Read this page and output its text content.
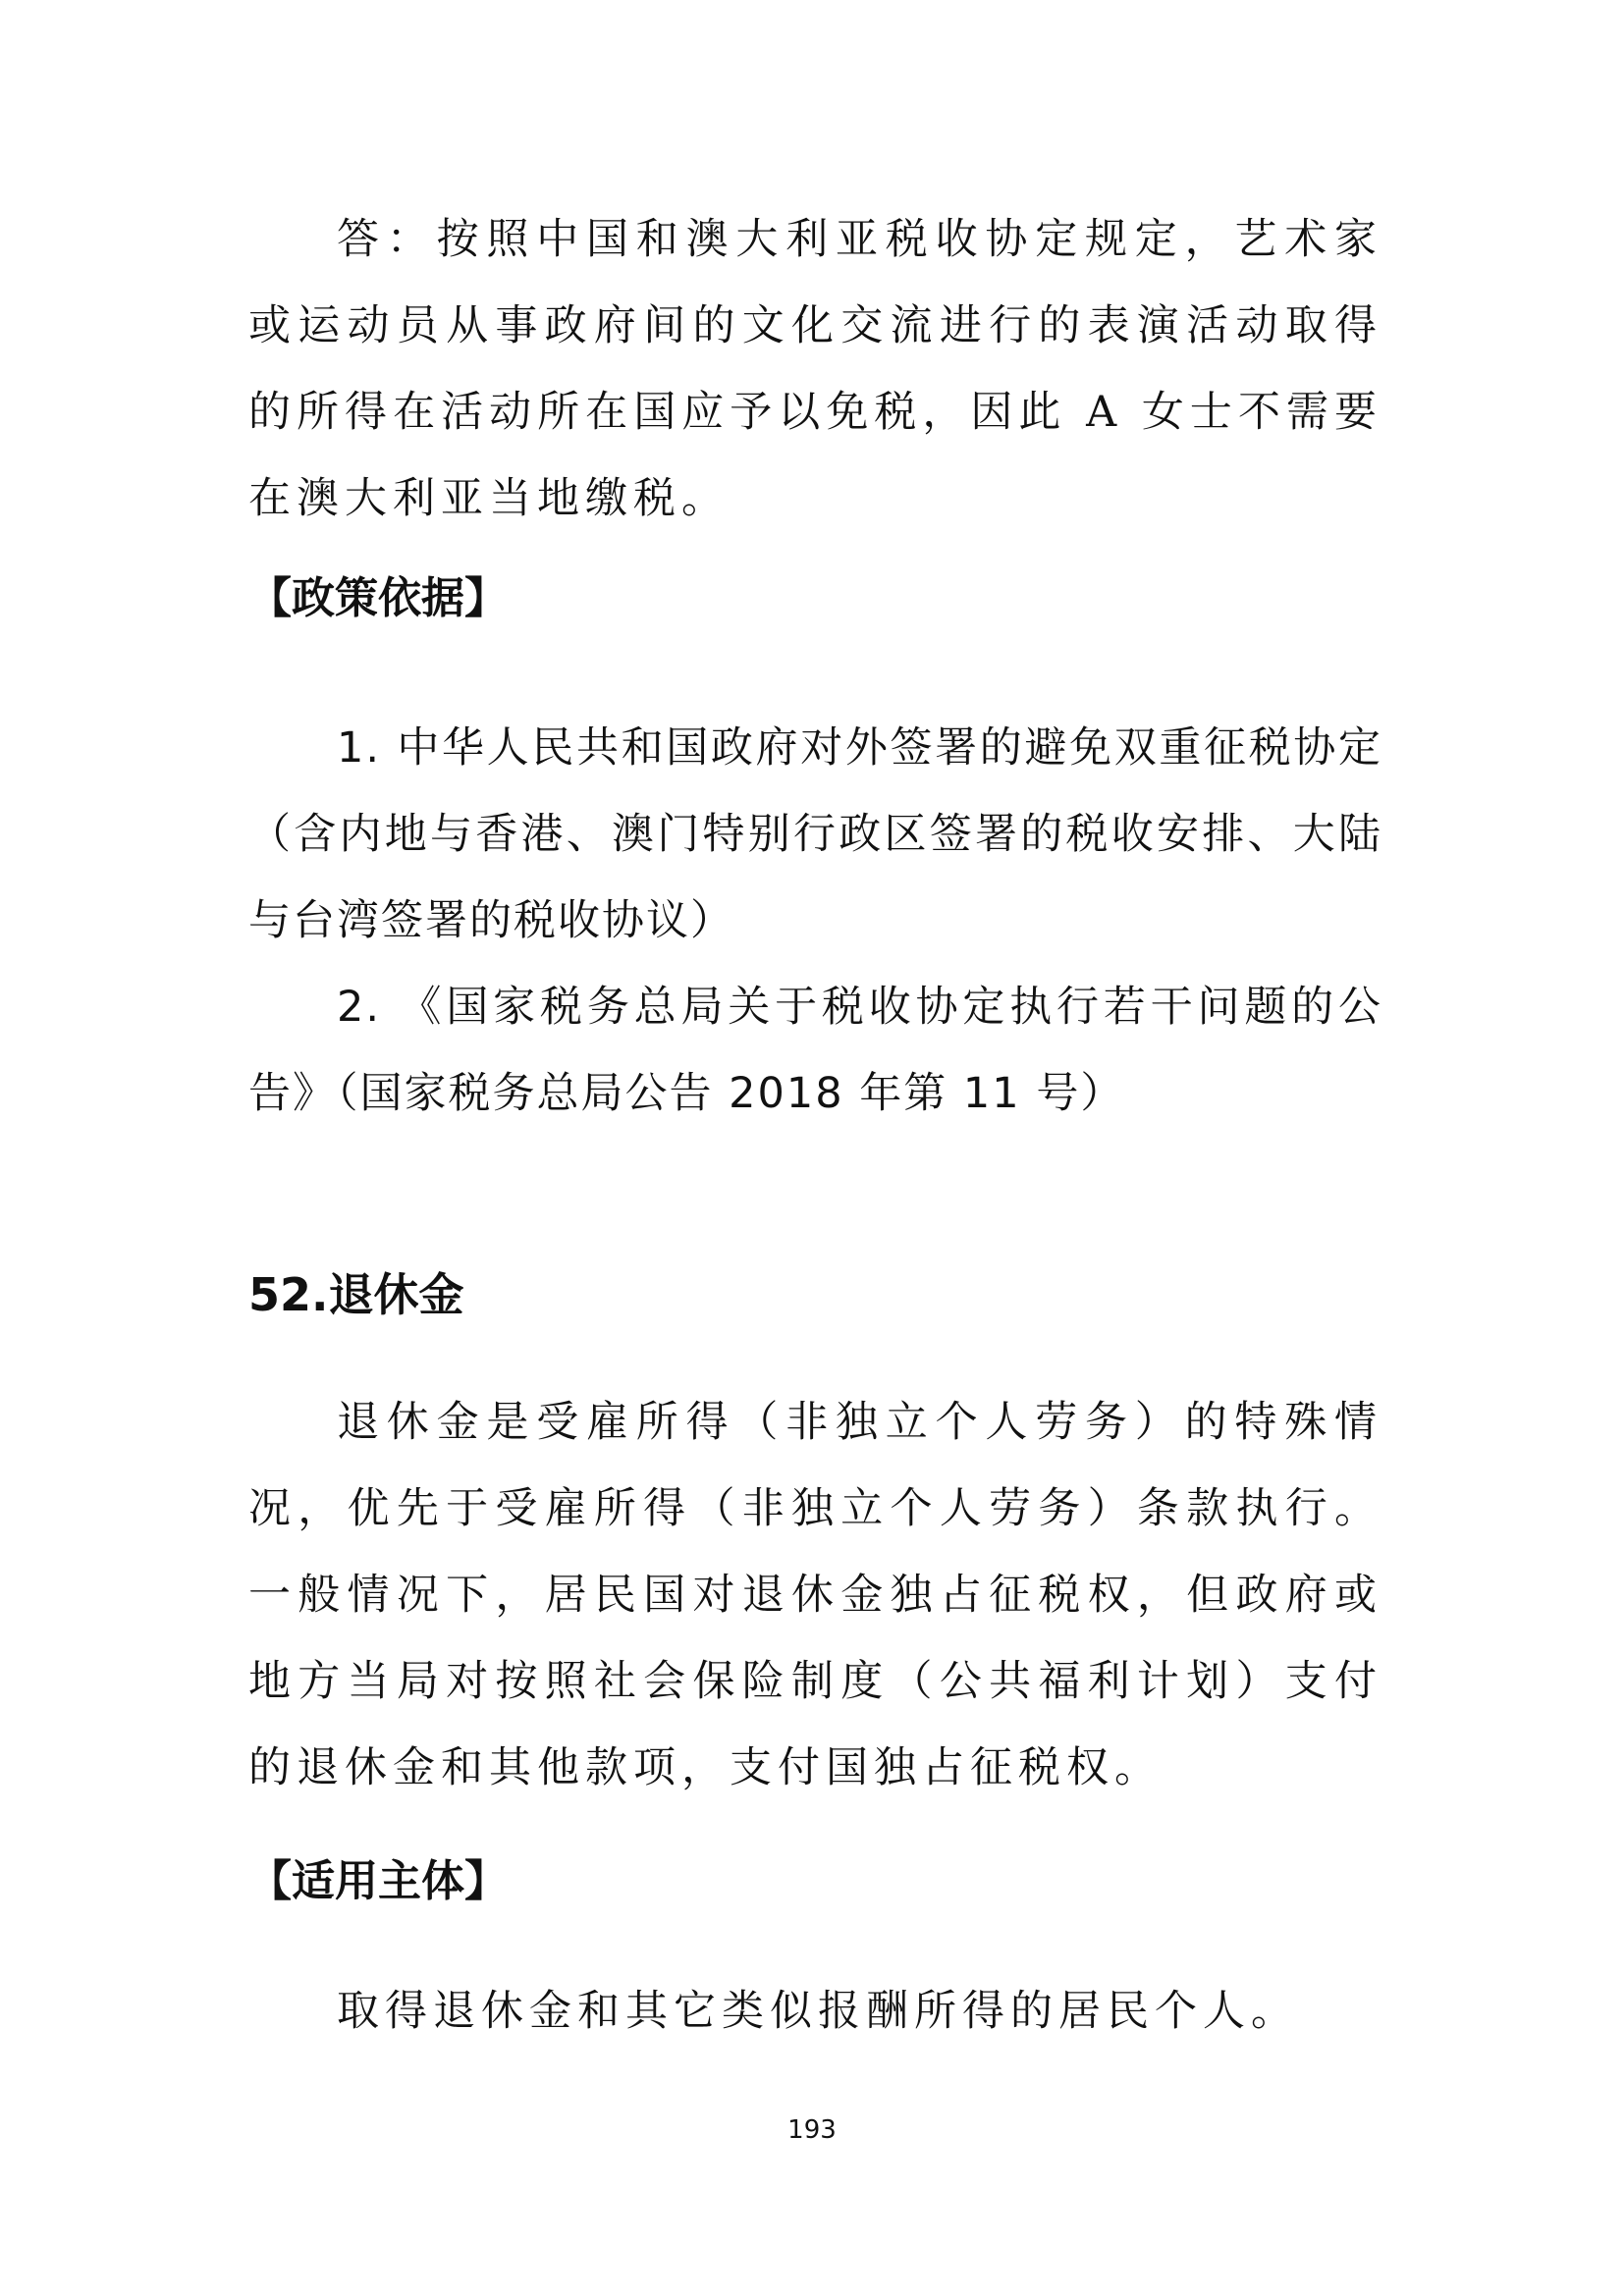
答：按照中国和澳大利亚税收协定规定，艺术家或运动员从事政府间的文化交流进行的表演活动取得的所得在活动所在国应予以免税，因此 A 女士不需要在澳大利亚当地缴税。

【政策依据】

1. 中华人民共和国政府对外签署的避免双重征税协定（含内地与香港、澳门特别行政区签署的税收安排、大陆与台湾签署的税收协议）

2. 《国家税务总局关于税收协定执行若干问题的公告》（国家税务总局公告 2018 年第 11 号）

52.退休金

退休金是受雇所得（非独立个人劳务）的特殊情况，优先于受雇所得（非独立个人劳务）条款执行。一般情况下，居民国对退休金独占征税权，但政府或地方当局对按照社会保险制度（公共福利计划）支付的退休金和其他款项，支付国独占征税权。

【适用主体】

取得退休金和其它类似报酬所得的居民个人。

193
